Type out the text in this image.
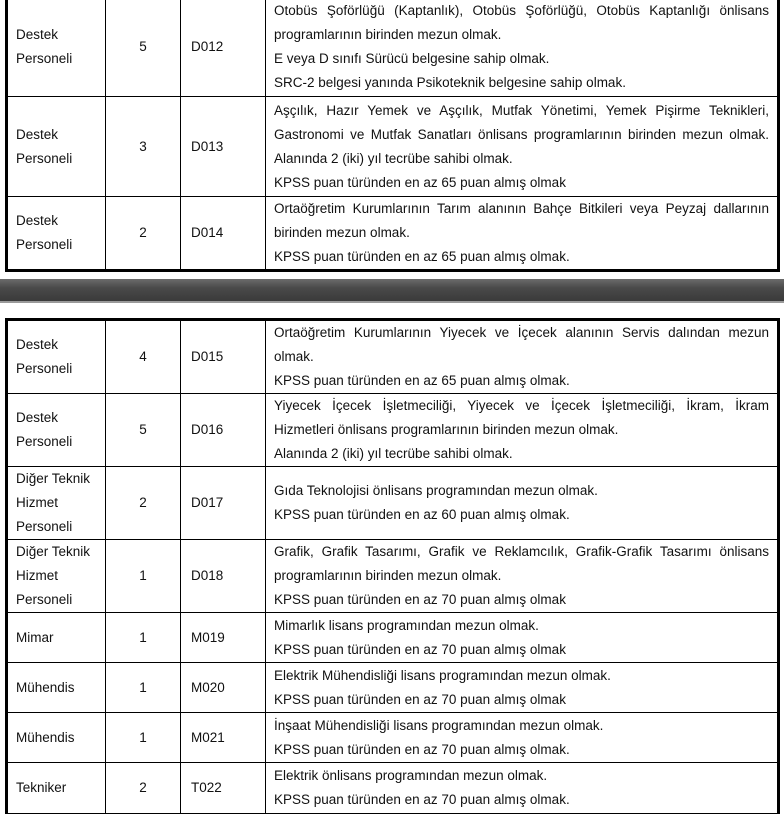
Destek Personeli	5	D012	Otobüs Şoförlüğü (Kaptanlık), Otobüs Şoförlüğü, Otobüs Kaptanlığı önlisans programlarının birinden mezun olmak.
E veya D sınıfı Sürücü belgesine sahip olmak.
SRC-2 belgesi yanında Psikoteknik belgesine sahip olmak.

Destek Personeli	3	D013	Aşçılık, Hazır Yemek ve Aşçılık, Mutfak Yönetimi, Yemek Pişirme Teknikleri, Gastronomi ve Mutfak Sanatları önlisans programlarının birinden mezun olmak. Alanında 2 (iki) yıl tecrübe sahibi olmak.
KPSS puan türünden en az 65 puan almış olmak

Destek Personeli	2	D014	Ortaöğretim Kurumlarının Tarım alanının Bahçe Bitkileri veya Peyzaj dallarının birinden mezun olmak.
KPSS puan türünden en az 65 puan almış olmak.
Destek Personeli	4	D015	Ortaöğretim Kurumlarının Yiyecek ve İçecek alanının Servis dalından mezun olmak.
KPSS puan türünden en az 65 puan almış olmak.

Destek Personeli	5	D016	Yiyecek İçecek İşletmeciliği, Yiyecek ve İçecek İşletmeciliği, İkram, İkram Hizmetleri önlisans programlarının birinden mezun olmak.
Alanında 2 (iki) yıl tecrübe sahibi olmak.

Diğer Teknik Hizmet Personeli	2	D017	Gıda Teknolojisi önlisans programından mezun olmak.
KPSS puan türünden en az 60 puan almış olmak.

Diğer Teknik Hizmet Personeli	1	D018	Grafik, Grafik Tasarımı, Grafik ve Reklamcılık, Grafik-Grafik Tasarımı önlisans programlarının birinden mezun olmak.
KPSS puan türünden en az 70 puan almış olmak

Mimar	1	M019	Mimarlık lisans programından mezun olmak.
KPSS puan türünden en az 70 puan almış olmak

Mühendis	1	M020	Elektrik Mühendisliği lisans programından mezun olmak.
KPSS puan türünden en az 70 puan almış olmak

Mühendis	1	M021	İnşaat Mühendisliği lisans programından mezun olmak.
KPSS puan türünden en az 70 puan almış olmak.

Tekniker	2	T022	Elektrik önlisans programından mezun olmak.
KPSS puan türünden en az 70 puan almış olmak.
